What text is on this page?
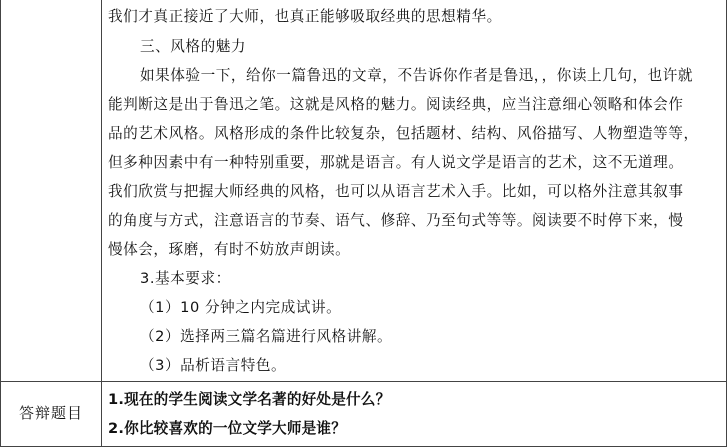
我们才真正接近了大师，也真正能够吸取经典的思想精华。
三、风格的魅力
如果体验一下，给你一篇鲁迅的文章，不告诉你作者是鲁迅，，你读上几句，也许就
能判断这是出于鲁迅之笔。这就是风格的魅力。阅读经典，应当注意细心领略和体会作
品的艺术风格。风格形成的条件比较复杂，包括题材、结构、风俗描写、人物塑造等等，
但多种因素中有一种特别重要，那就是语言。有人说文学是语言的艺术，这不无道理。
我们欣赏与把握大师经典的风格，也可以从语言艺术入手。比如，可以格外注意其叙事
的角度与方式，注意语言的节奏、语气、修辞、乃至句式等等。阅读要不时停下来，慢
慢体会，琢磨，有时不妨放声朗读。
3.基本要求：
（1）10 分钟之内完成试讲。
（2）选择两三篇名篇进行风格讲解。
（3）品析语言特色。
1.现在的学生阅读文学名著的好处是什么？
2.你比较喜欢的一位文学大师是谁？
答辩题目
